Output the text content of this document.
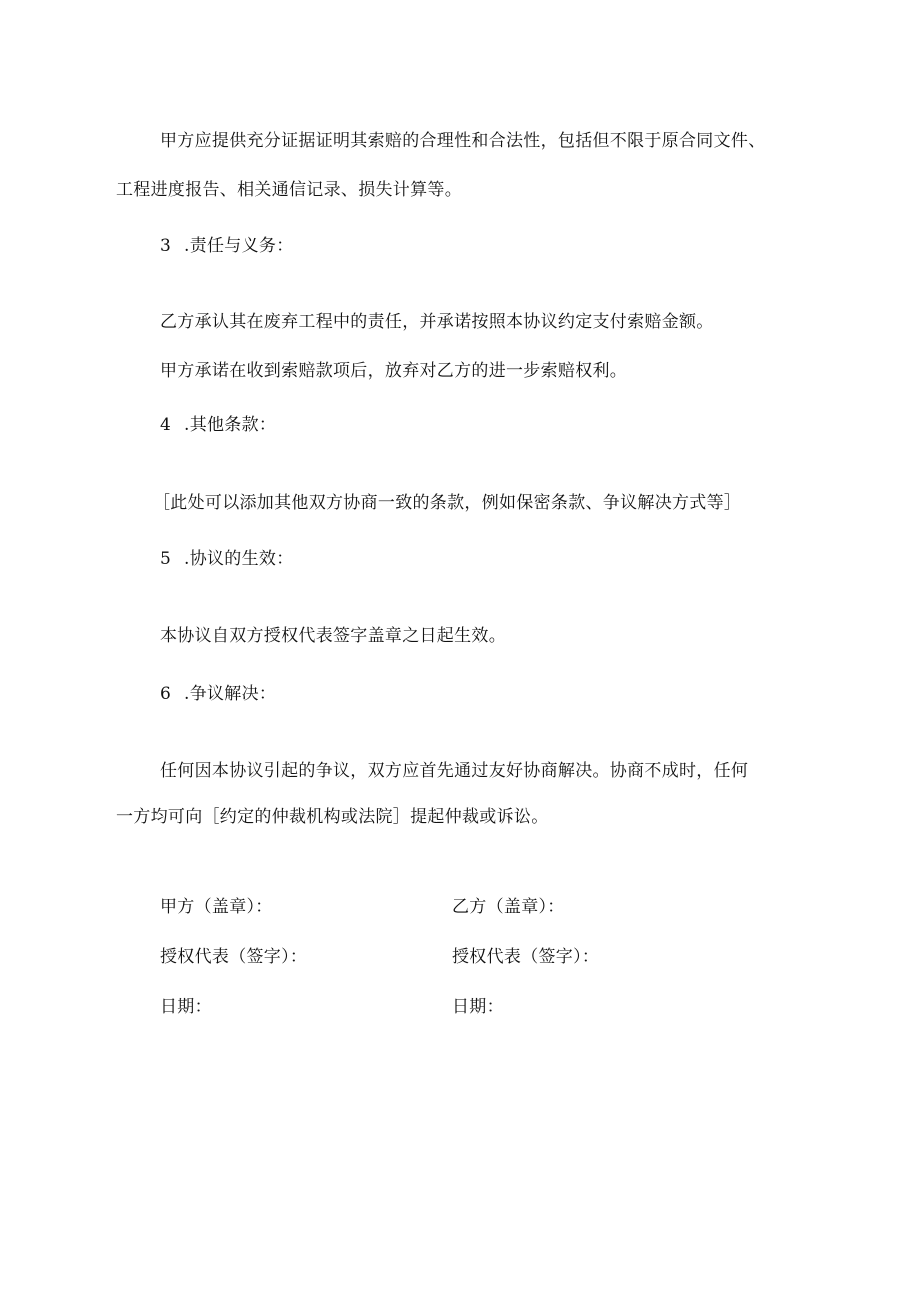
甲方应提供充分证据证明其索赔的合理性和合法性，包括但不限于原合同文件、
工程进度报告、相关通信记录、损失计算等。
3 .责任与义务：
乙方承认其在废弃工程中的责任，并承诺按照本协议约定支付索赔金额。
甲方承诺在收到索赔款项后，放弃对乙方的进一步索赔权利。
4 .其他条款：
［此处可以添加其他双方协商一致的条款，例如保密条款、争议解决方式等］
5 .协议的生效：
本协议自双方授权代表签字盖章之日起生效。
6 .争议解决：
任何因本协议引起的争议，双方应首先通过友好协商解决。协商不成时，任何
一方均可向［约定的仲裁机构或法院］提起仲裁或诉讼。
甲方（盖章）：	乙方（盖章）：
授权代表（签字）：	授权代表（签字）：
日期：	日期：
